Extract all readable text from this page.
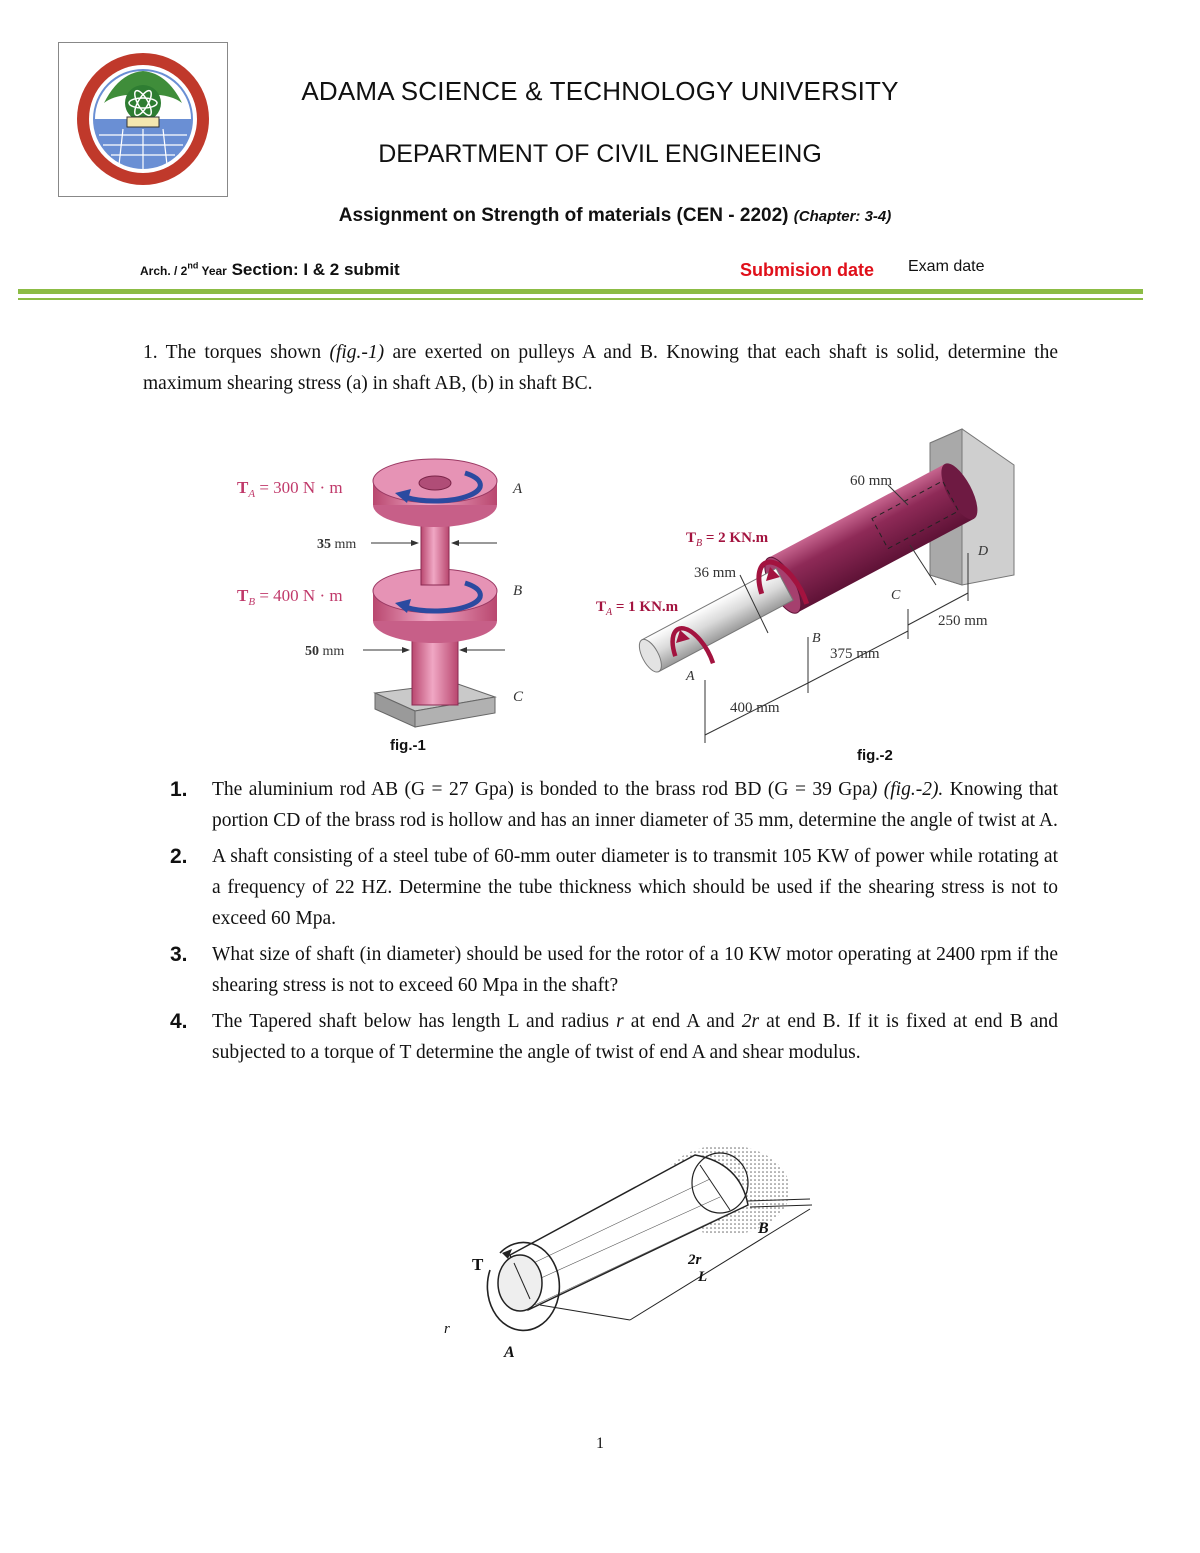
ADAMA SCIENCE & TECHNOLOGY UNIVERSITY
DEPARTMENT OF CIVIL ENGINEEING
Assignment on Strength of materials (CEN - 2202) (Chapter: 3-4)
Arch. / 2nd Year Section: I & 2 submit	Submision date Exam date
1. The torques shown (fig.-1) are exerted on pulleys A and B. Knowing that each shaft is solid, determine the maximum shearing stress (a) in shaft AB, (b) in shaft BC.
$T_A = 300$ N · m
$T_B = 400$ N · m
35 mm
50 mm
A
B
C
fig.-1
60 mm
$T_B = 2$ KN.m
36 mm
$T_A = 1$ KN.m
A
B
C
D
400 mm
375 mm
250 mm
fig.-2
1. The aluminium rod AB (G = 27 Gpa) is bonded to the brass rod BD (G = 39 Gpa) (fig.-2). Knowing that portion CD of the brass rod is hollow and has an inner diameter of 35 mm, determine the angle of twist at A.
2. A shaft consisting of a steel tube of 60-mm outer diameter is to transmit 105 KW of power while rotating at a frequency of 22 HZ. Determine the tube thickness which should be used if the shearing stress is not to exceed 60 Mpa.
3. What size of shaft (in diameter) should be used for the rotor of a 10 KW motor operating at 2400 rpm if the shearing stress is not to exceed 60 Mpa in the shaft?
4. The Tapered shaft below has length L and radius r at end A and 2r at end B. If it is fixed at end B and subjected to a torque of T determine the angle of twist of end A and shear modulus.
T
r
A
2r
L
B
1
